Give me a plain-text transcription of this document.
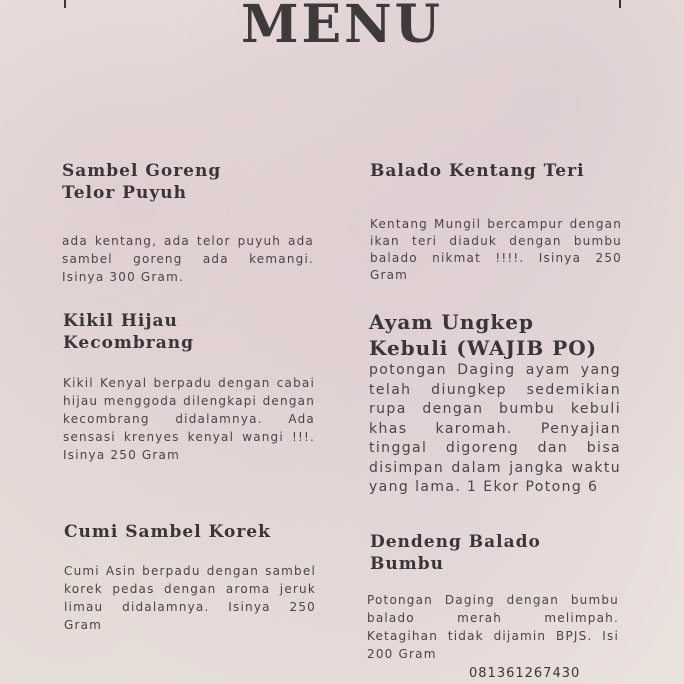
MENU
Sambel Goreng
Telor Puyuh

ada kentang, ada telor puyuh ada sambel goreng ada kemangi. Isinya 300 Gram.

Balado Kentang Teri

Kentang Mungil bercampur dengan ikan teri diaduk dengan bumbu balado nikmat !!!!. Isinya 250 Gram

Kikil Hijau Kecombrang

Kikil Kenyal berpadu dengan cabai hijau menggoda dilengkapi dengan kecombrang didalamnya. Ada sensasi krenyes kenyal wangi !!!. Isinya 250 Gram

Ayam Ungkep Kebuli (WAJIB PO)

potongan Daging ayam yang telah diungkep sedemikian rupa dengan bumbu kebuli khas karomah. Penyajian tinggal digoreng dan bisa disimpan dalam jangka waktu yang lama. 1 Ekor Potong 6

Cumi Sambel Korek

Cumi Asin berpadu dengan sambel korek pedas dengan aroma jeruk limau didalamnya. Isinya 250 Gram

Dendeng Balado Bumbu

Potongan Daging dengan bumbu balado merah melimpah. Ketagihan tidak dijamin BPJS. Isi 200 Gram

081361267430
